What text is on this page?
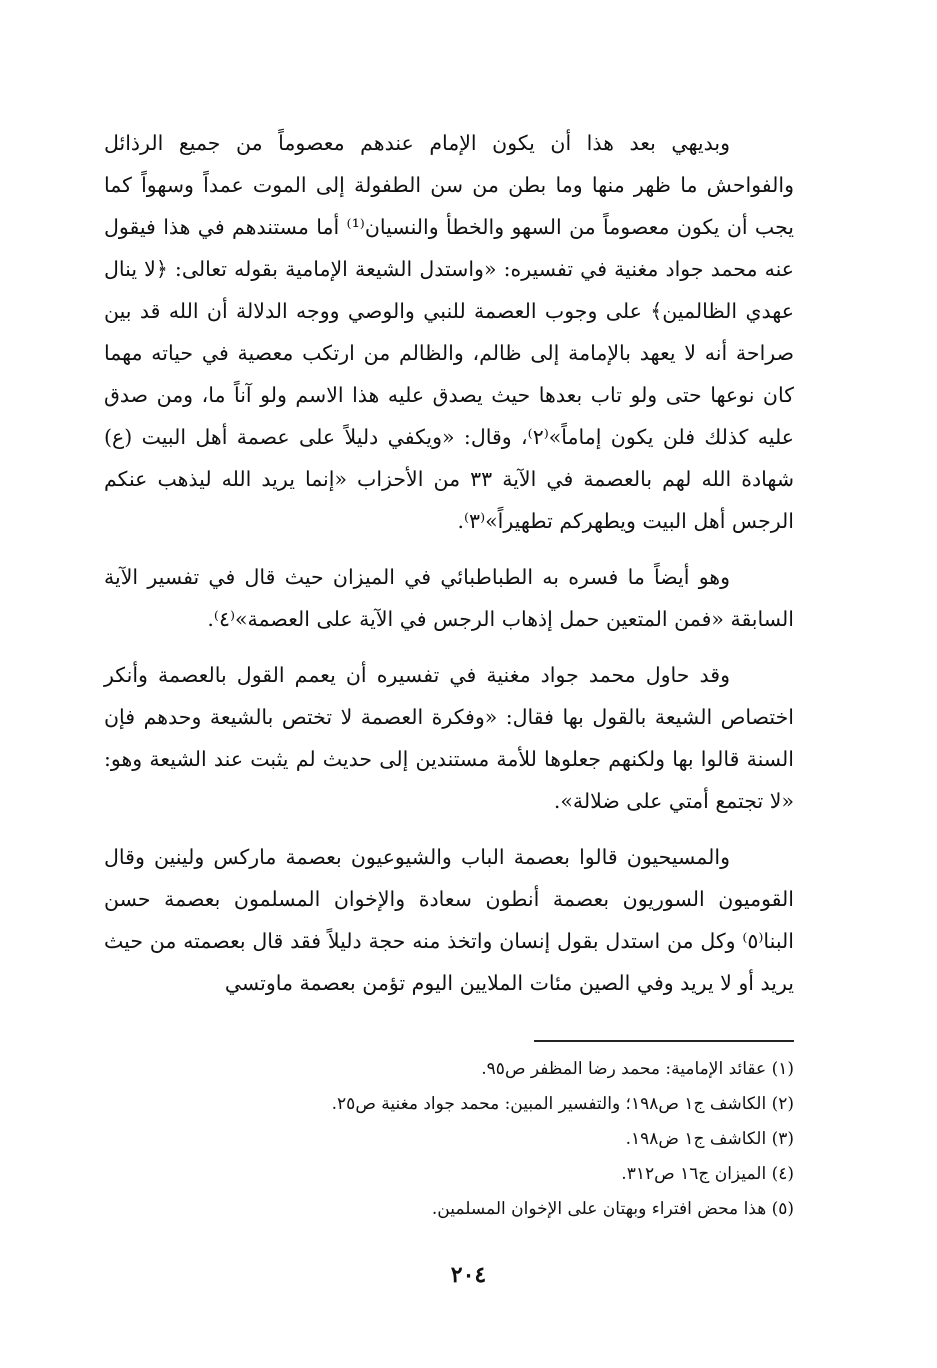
وبديهي بعد هذا أن يكون الإمام عندهم معصوماً من جميع الرذائل والفواحش ما ظهر منها وما بطن من سن الطفولة إلى الموت عمداً وسهواً كما يجب أن يكون معصوماً من السهو والخطأ والنسيان⁽¹⁾ أما مستندهم في هذا فيقول عنه محمد جواد مغنية في تفسيره: «واستدل الشيعة الإمامية بقوله تعالى: ﴿لا ينال عهدي الظالمين﴾ على وجوب العصمة للنبي والوصي ووجه الدلالة أن الله قد بين صراحة أنه لا يعهد بالإمامة إلى ظالم، والظالم من ارتكب معصية في حياته مهما كان نوعها حتى ولو تاب بعدها حيث يصدق عليه هذا الاسم ولو آناً ما، ومن صدق عليه كذلك فلن يكون إماماً»⁽٢⁾، وقال: «ويكفي دليلاً على عصمة أهل البيت (ع) شهادة الله لهم بالعصمة في الآية ٣٣ من الأحزاب «إنما يريد الله ليذهب عنكم الرجس أهل البيت ويطهركم تطهيراً»⁽٣⁾.

وهو أيضاً ما فسره به الطباطبائي في الميزان حيث قال في تفسير الآية السابقة «فمن المتعين حمل إذهاب الرجس في الآية على العصمة»⁽٤⁾.

وقد حاول محمد جواد مغنية في تفسيره أن يعمم القول بالعصمة وأنكر اختصاص الشيعة بالقول بها فقال: «وفكرة العصمة لا تختص بالشيعة وحدهم فإن السنة قالوا بها ولكنهم جعلوها للأمة مستندين إلى حديث لم يثبت عند الشيعة وهو: «لا تجتمع أمتي على ضلالة».

والمسيحيون قالوا بعصمة الباب والشيوعيون بعصمة ماركس ولينين وقال القوميون السوريون بعصمة أنطون سعادة والإخوان المسلمون بعصمة حسن البنا⁽٥⁾ وكل من استدل بقول إنسان واتخذ منه حجة دليلاً فقد قال بعصمته من حيث يريد أو لا يريد وفي الصين مئات الملايين اليوم تؤمن بعصمة ماوتسي

(١) عقائد الإمامية: محمد رضا المظفر ص٩٥.
(٢) الكاشف ج١ ص١٩٨؛ والتفسير المبين: محمد جواد مغنية ص٢٥.
(٣) الكاشف ج١ ض١٩٨.
(٤) الميزان ج١٦ ص٣١٢.
(٥) هذا محض افتراء وبهتان على الإخوان المسلمين.
٢٠٤
